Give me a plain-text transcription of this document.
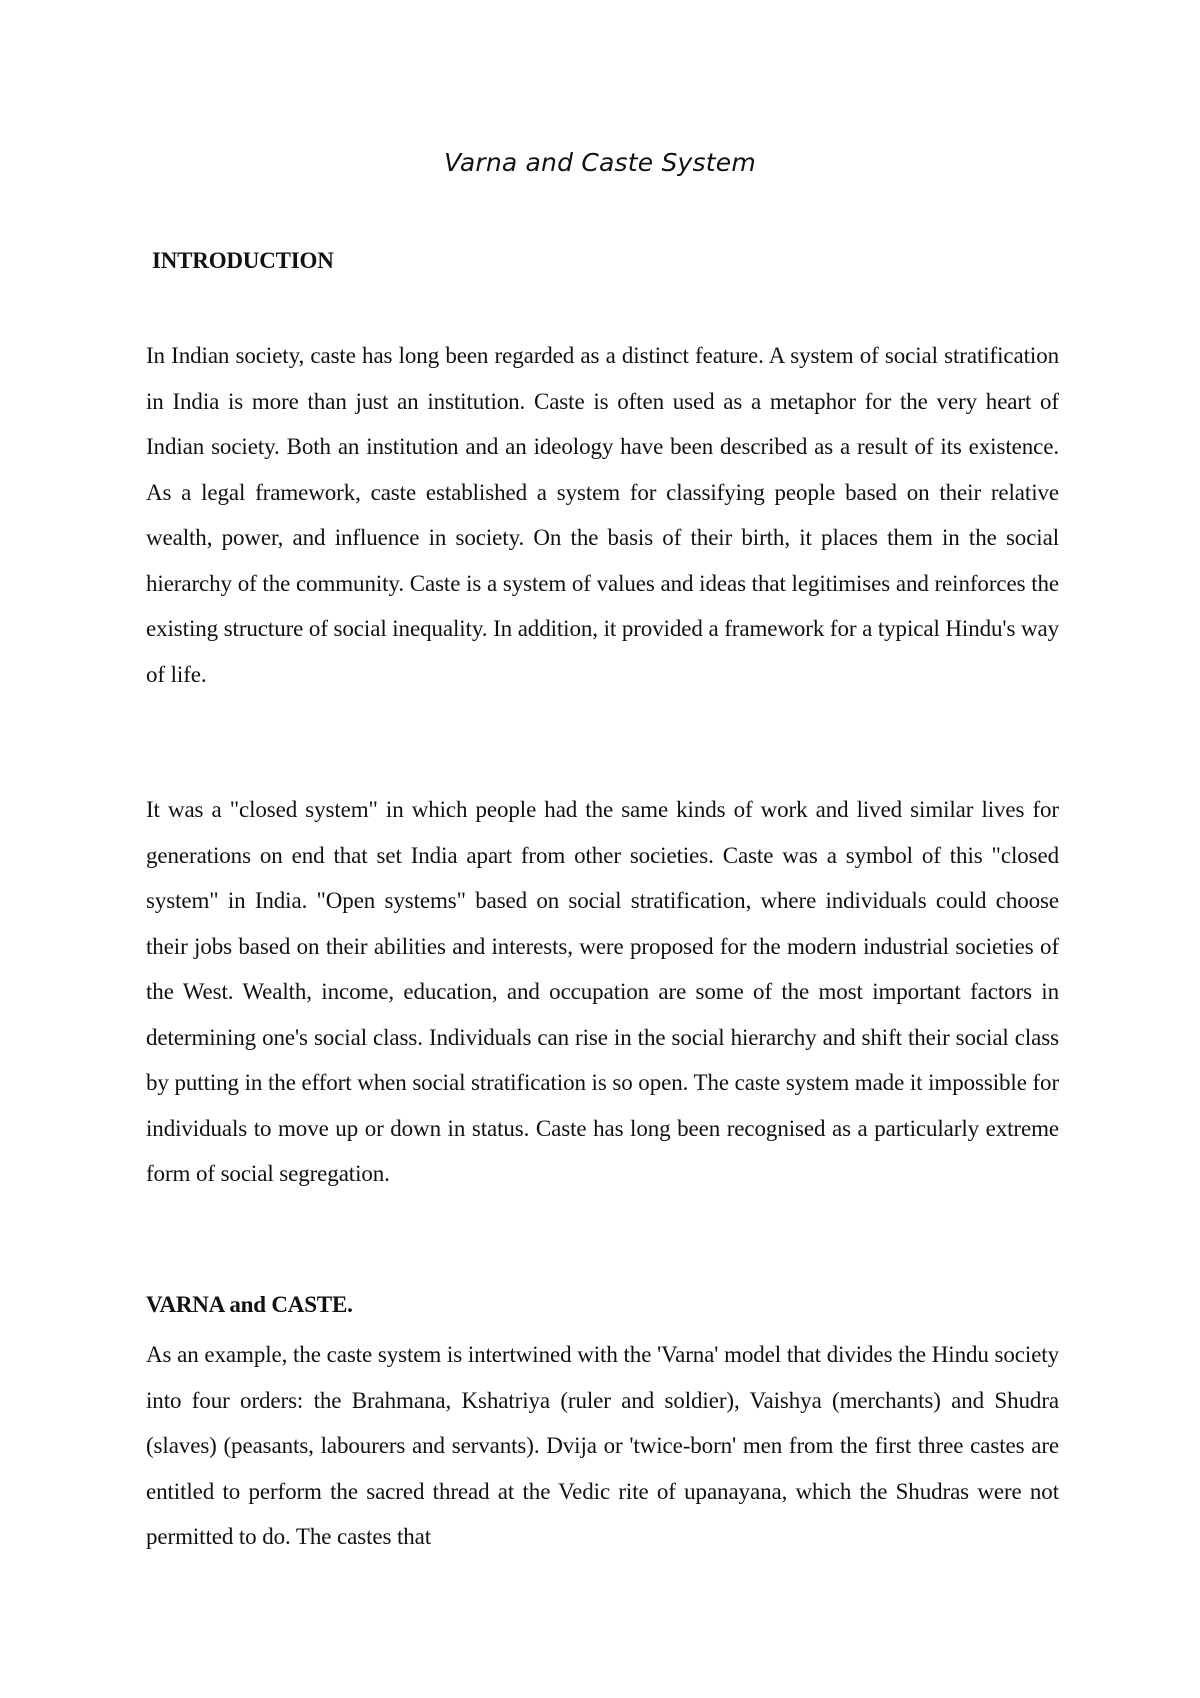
Varna and Caste System
INTRODUCTION

In Indian society, caste has long been regarded as a distinct feature. A system of social stratification in India is more than just an institution. Caste is often used as a metaphor for the very heart of Indian society. Both an institution and an ideology have been described as a result of its existence. As a legal framework, caste established a system for classifying people based on their relative wealth, power, and influence in society. On the basis of their birth, it places them in the social hierarchy of the community. Caste is a system of values and ideas that legitimises and reinforces the existing structure of social inequality. In addition, it provided a framework for a typical Hindu's way of life.

It was a "closed system" in which people had the same kinds of work and lived similar lives for generations on end that set India apart from other societies. Caste was a symbol of this "closed system" in India. "Open systems" based on social stratification, where individuals could choose their jobs based on their abilities and interests, were proposed for the modern industrial societies of the West. Wealth, income, education, and occupation are some of the most important factors in determining one's social class. Individuals can rise in the social hierarchy and shift their social class by putting in the effort when social stratification is so open. The caste system made it impossible for individuals to move up or down in status. Caste has long been recognised as a particularly extreme form of social segregation.

VARNA and CASTE.

As an example, the caste system is intertwined with the 'Varna' model that divides the Hindu society into four orders: the Brahmana, Kshatriya (ruler and soldier), Vaishya (merchants) and Shudra (slaves) (peasants, labourers and servants). Dvija or 'twice-born' men from the first three castes are entitled to perform the sacred thread at the Vedic rite of upanayana, which the Shudras were not permitted to do. The castes that
